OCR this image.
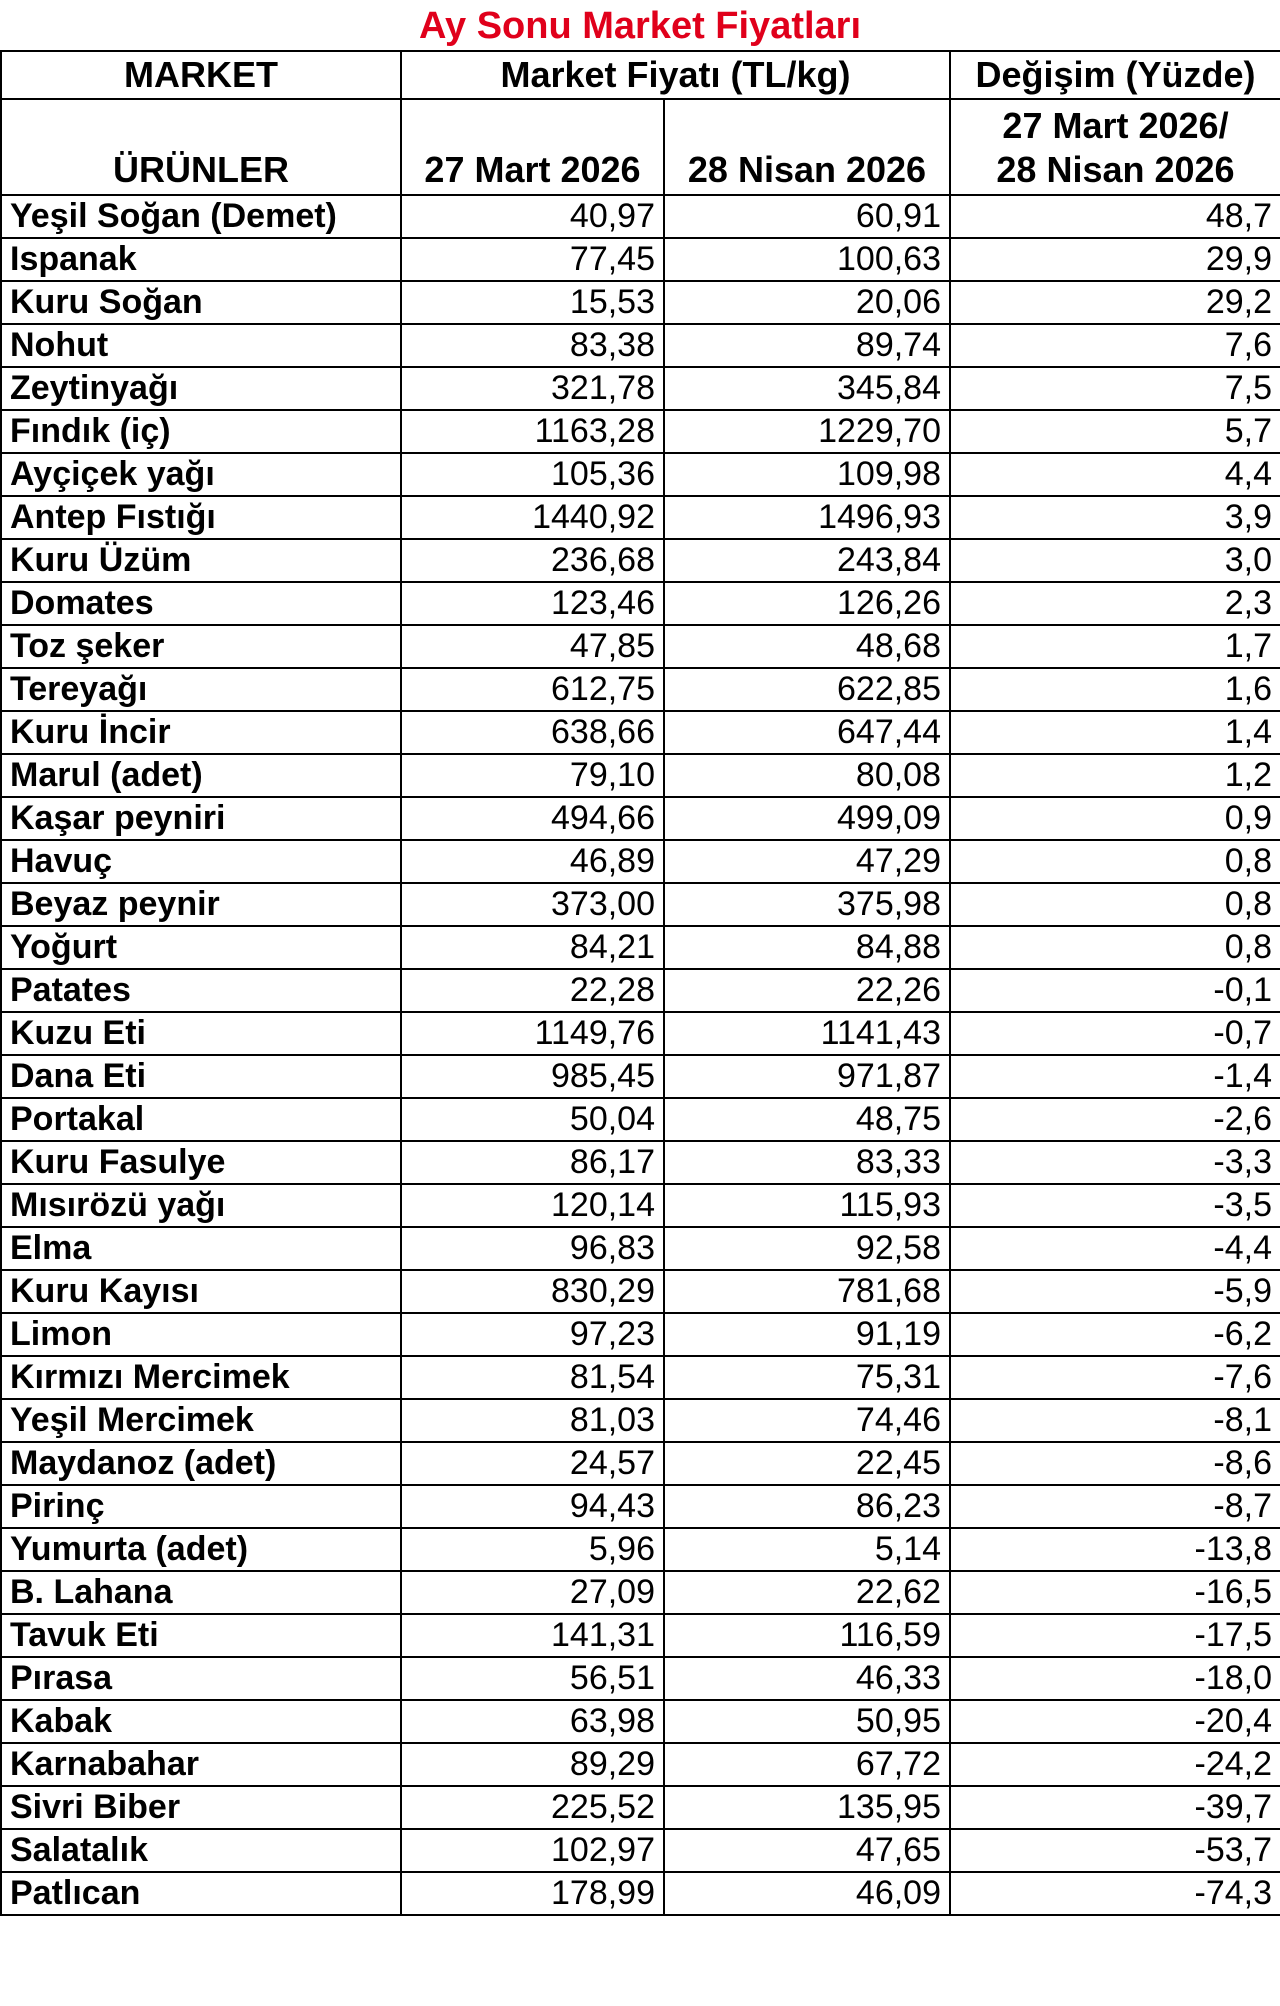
Ay Sonu Market Fiyatları
MARKET	Market Fiyatı (TL/kg)		Değişim (Yüzde)
ÜRÜNLER	27 Mart 2026	28 Nisan 2026	27 Mart 2026/
28 Nisan 2026

Yeşil Soğan (Demet)	40,97	60,91	48,7
Ispanak	77,45	100,63	29,9
Kuru Soğan	15,53	20,06	29,2
Nohut	83,38	89,74	7,6
Zeytinyağı	321,78	345,84	7,5
Fındık (iç)	1163,28	1229,70	5,7
Ayçiçek yağı	105,36	109,98	4,4
Antep Fıstığı	1440,92	1496,93	3,9
Kuru Üzüm	236,68	243,84	3,0
Domates	123,46	126,26	2,3
Toz şeker	47,85	48,68	1,7
Tereyağı	612,75	622,85	1,6
Kuru İncir	638,66	647,44	1,4
Marul (adet)	79,10	80,08	1,2
Kaşar peyniri	494,66	499,09	0,9
Havuç	46,89	47,29	0,8
Beyaz peynir	373,00	375,98	0,8
Yoğurt	84,21	84,88	0,8
Patates	22,28	22,26	-0,1
Kuzu Eti	1149,76	1141,43	-0,7
Dana Eti	985,45	971,87	-1,4
Portakal	50,04	48,75	-2,6
Kuru Fasulye	86,17	83,33	-3,3
Mısırözü yağı	120,14	115,93	-3,5
Elma	96,83	92,58	-4,4
Kuru Kayısı	830,29	781,68	-5,9
Limon	97,23	91,19	-6,2
Kırmızı Mercimek	81,54	75,31	-7,6
Yeşil Mercimek	81,03	74,46	-8,1
Maydanoz (adet)	24,57	22,45	-8,6
Pirinç	94,43	86,23	-8,7
Yumurta (adet)	5,96	5,14	-13,8
B. Lahana	27,09	22,62	-16,5
Tavuk Eti	141,31	116,59	-17,5
Pırasa	56,51	46,33	-18,0
Kabak	63,98	50,95	-20,4
Karnabahar	89,29	67,72	-24,2
Sivri Biber	225,52	135,95	-39,7
Salatalık	102,97	47,65	-53,7
Patlıcan	178,99	46,09	-74,3
